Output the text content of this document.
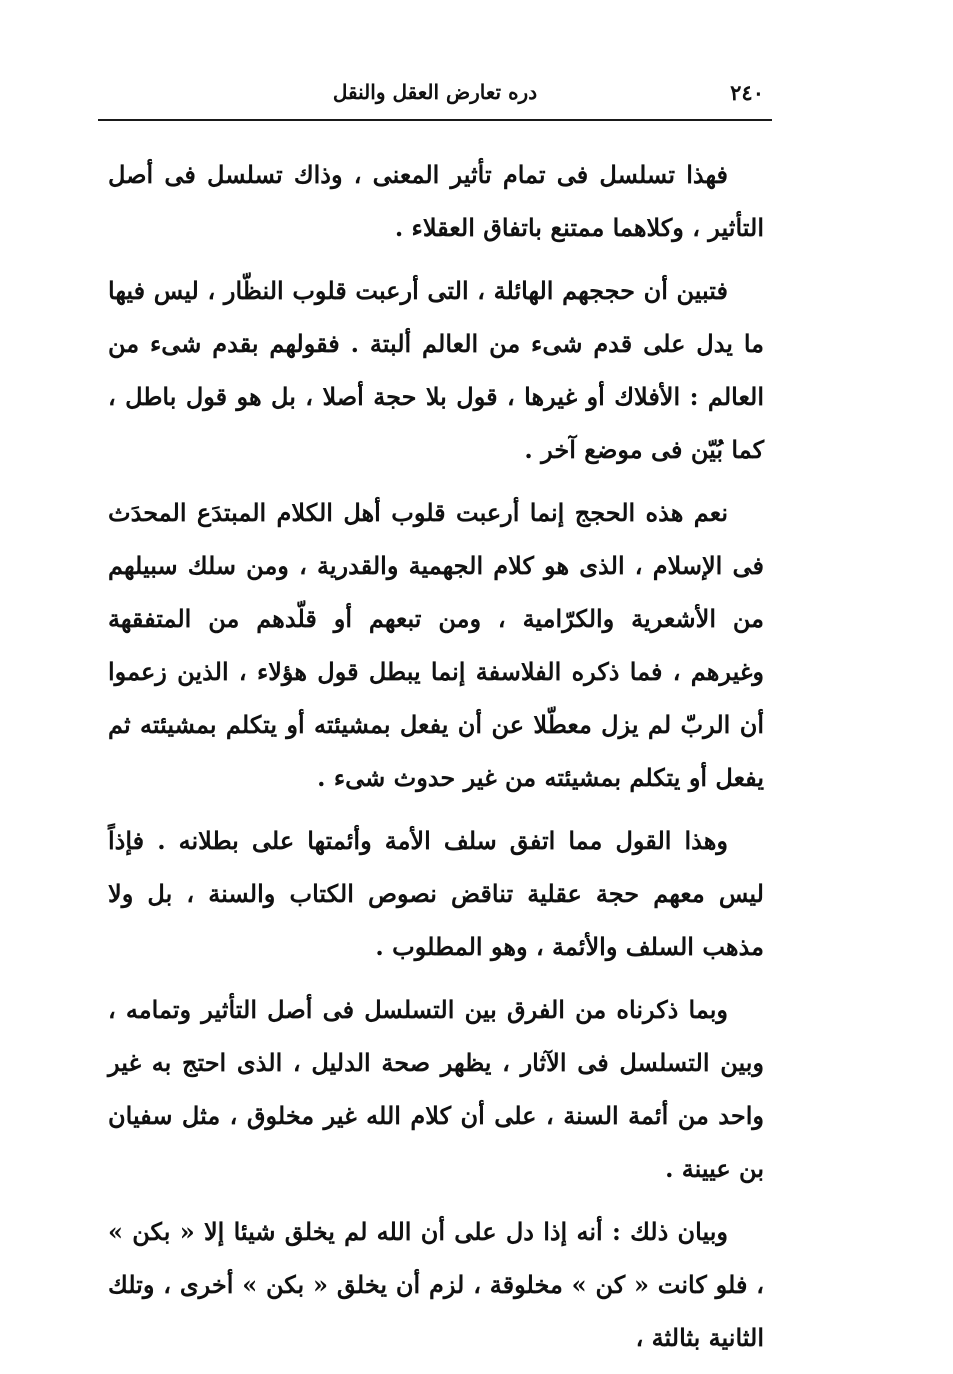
٢٤٠
دره تعارض العقل والنقل

فهذا تسلسل فى تمام تأثير المعنى ، وذاك تسلسل فى أصل التأثير ، وكلاهما ممتنع باتفاق العقلاء .

فتبين أن حججهم الهائلة ، التى أرعبت قلوب النظّار ، ليس فيها ما يدل على قدم شىء من العالم ألبتة . فقولهم بقدم شىء من العالم : الأفلاك أو غيرها ، قول بلا حجة أصلا ، بل هو قول باطل ، كما بُيّن فى موضع آخر .

نعم هذه الحجج إنما أرعبت قلوب أهل الكلام المبتدَع المحدَث فى الإسلام ، الذى هو كلام الجهمية والقدرية ، ومن سلك سبيلهم من الأشعرية والكرّامية ، ومن تبعهم أو قلّدهم من المتفقهة وغيرهم ، فما ذكره الفلاسفة إنما يبطل قول هؤلاء ، الذين زعموا أن الربّ لم يزل معطّلا عن أن يفعل بمشيئته أو يتكلم بمشيئته ثم يفعل أو يتكلم بمشيئته من غير حدوث شىء .

وهذا القول مما اتفق سلف الأمة وأئمتها على بطلانه . فإذاً ليس معهم حجة عقلية تناقض نصوص الكتاب والسنة ، بل ولا مذهب السلف والأئمة ، وهو المطلوب .

وبما ذكرناه من الفرق بين التسلسل فى أصل التأثير وتمامه ، وبين التسلسل فى الآثار ، يظهر صحة الدليل ، الذى احتج به غير واحد من أئمة السنة ، على أن كلام الله غير مخلوق ، مثل سفيان بن عيينة .

وبيان ذلك : أنه إذا دل على أن الله لم يخلق شيئا إلا « بكن » ، فلو كانت « كن » مخلوقة ، لزم أن يخلق « بكن » أخرى ، وتلك الثانية بثالثة ،
